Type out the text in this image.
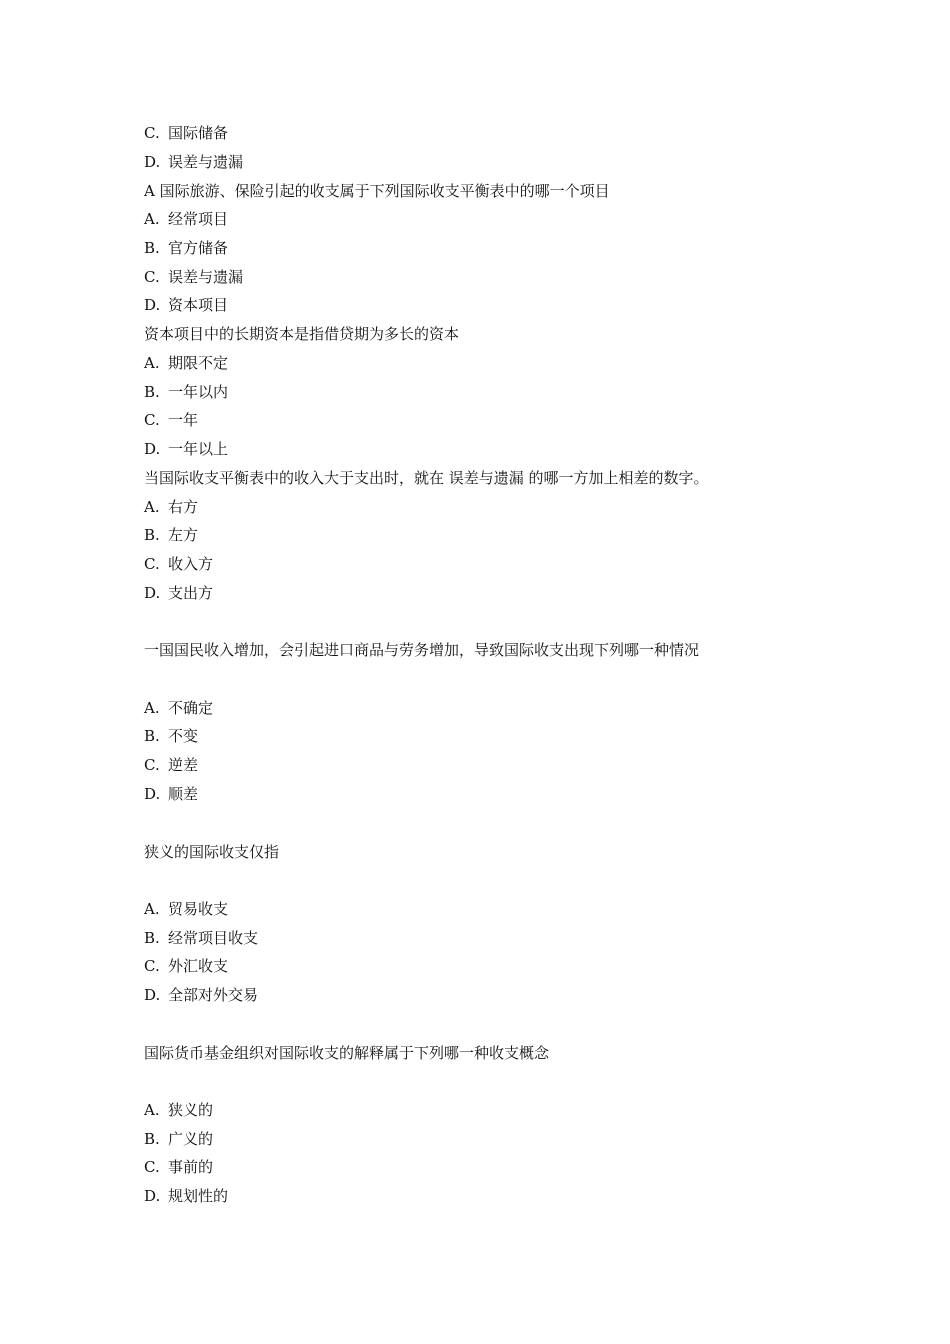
C. 国际储备
D. 误差与遗漏
A 国际旅游、保险引起的收支属于下列国际收支平衡表中的哪一个项目
A. 经常项目
B. 官方储备
C. 误差与遗漏
D. 资本项目
资本项目中的长期资本是指借贷期为多长的资本
A. 期限不定
B. 一年以内
C. 一年
D. 一年以上
当国际收支平衡表中的收入大于支出时，就在 误差与遗漏 的哪一方加上相差的数字。
A. 右方
B. 左方
C. 收入方
D. 支出方
一国国民收入增加，会引起进口商品与劳务增加，导致国际收支出现下列哪一种情况
A. 不确定
B. 不变
C. 逆差
D. 顺差
狭义的国际收支仅指
A. 贸易收支
B. 经常项目收支
C. 外汇收支
D. 全部对外交易
国际货币基金组织对国际收支的解释属于下列哪一种收支概念
A. 狭义的
B. 广义的
C. 事前的
D. 规划性的
